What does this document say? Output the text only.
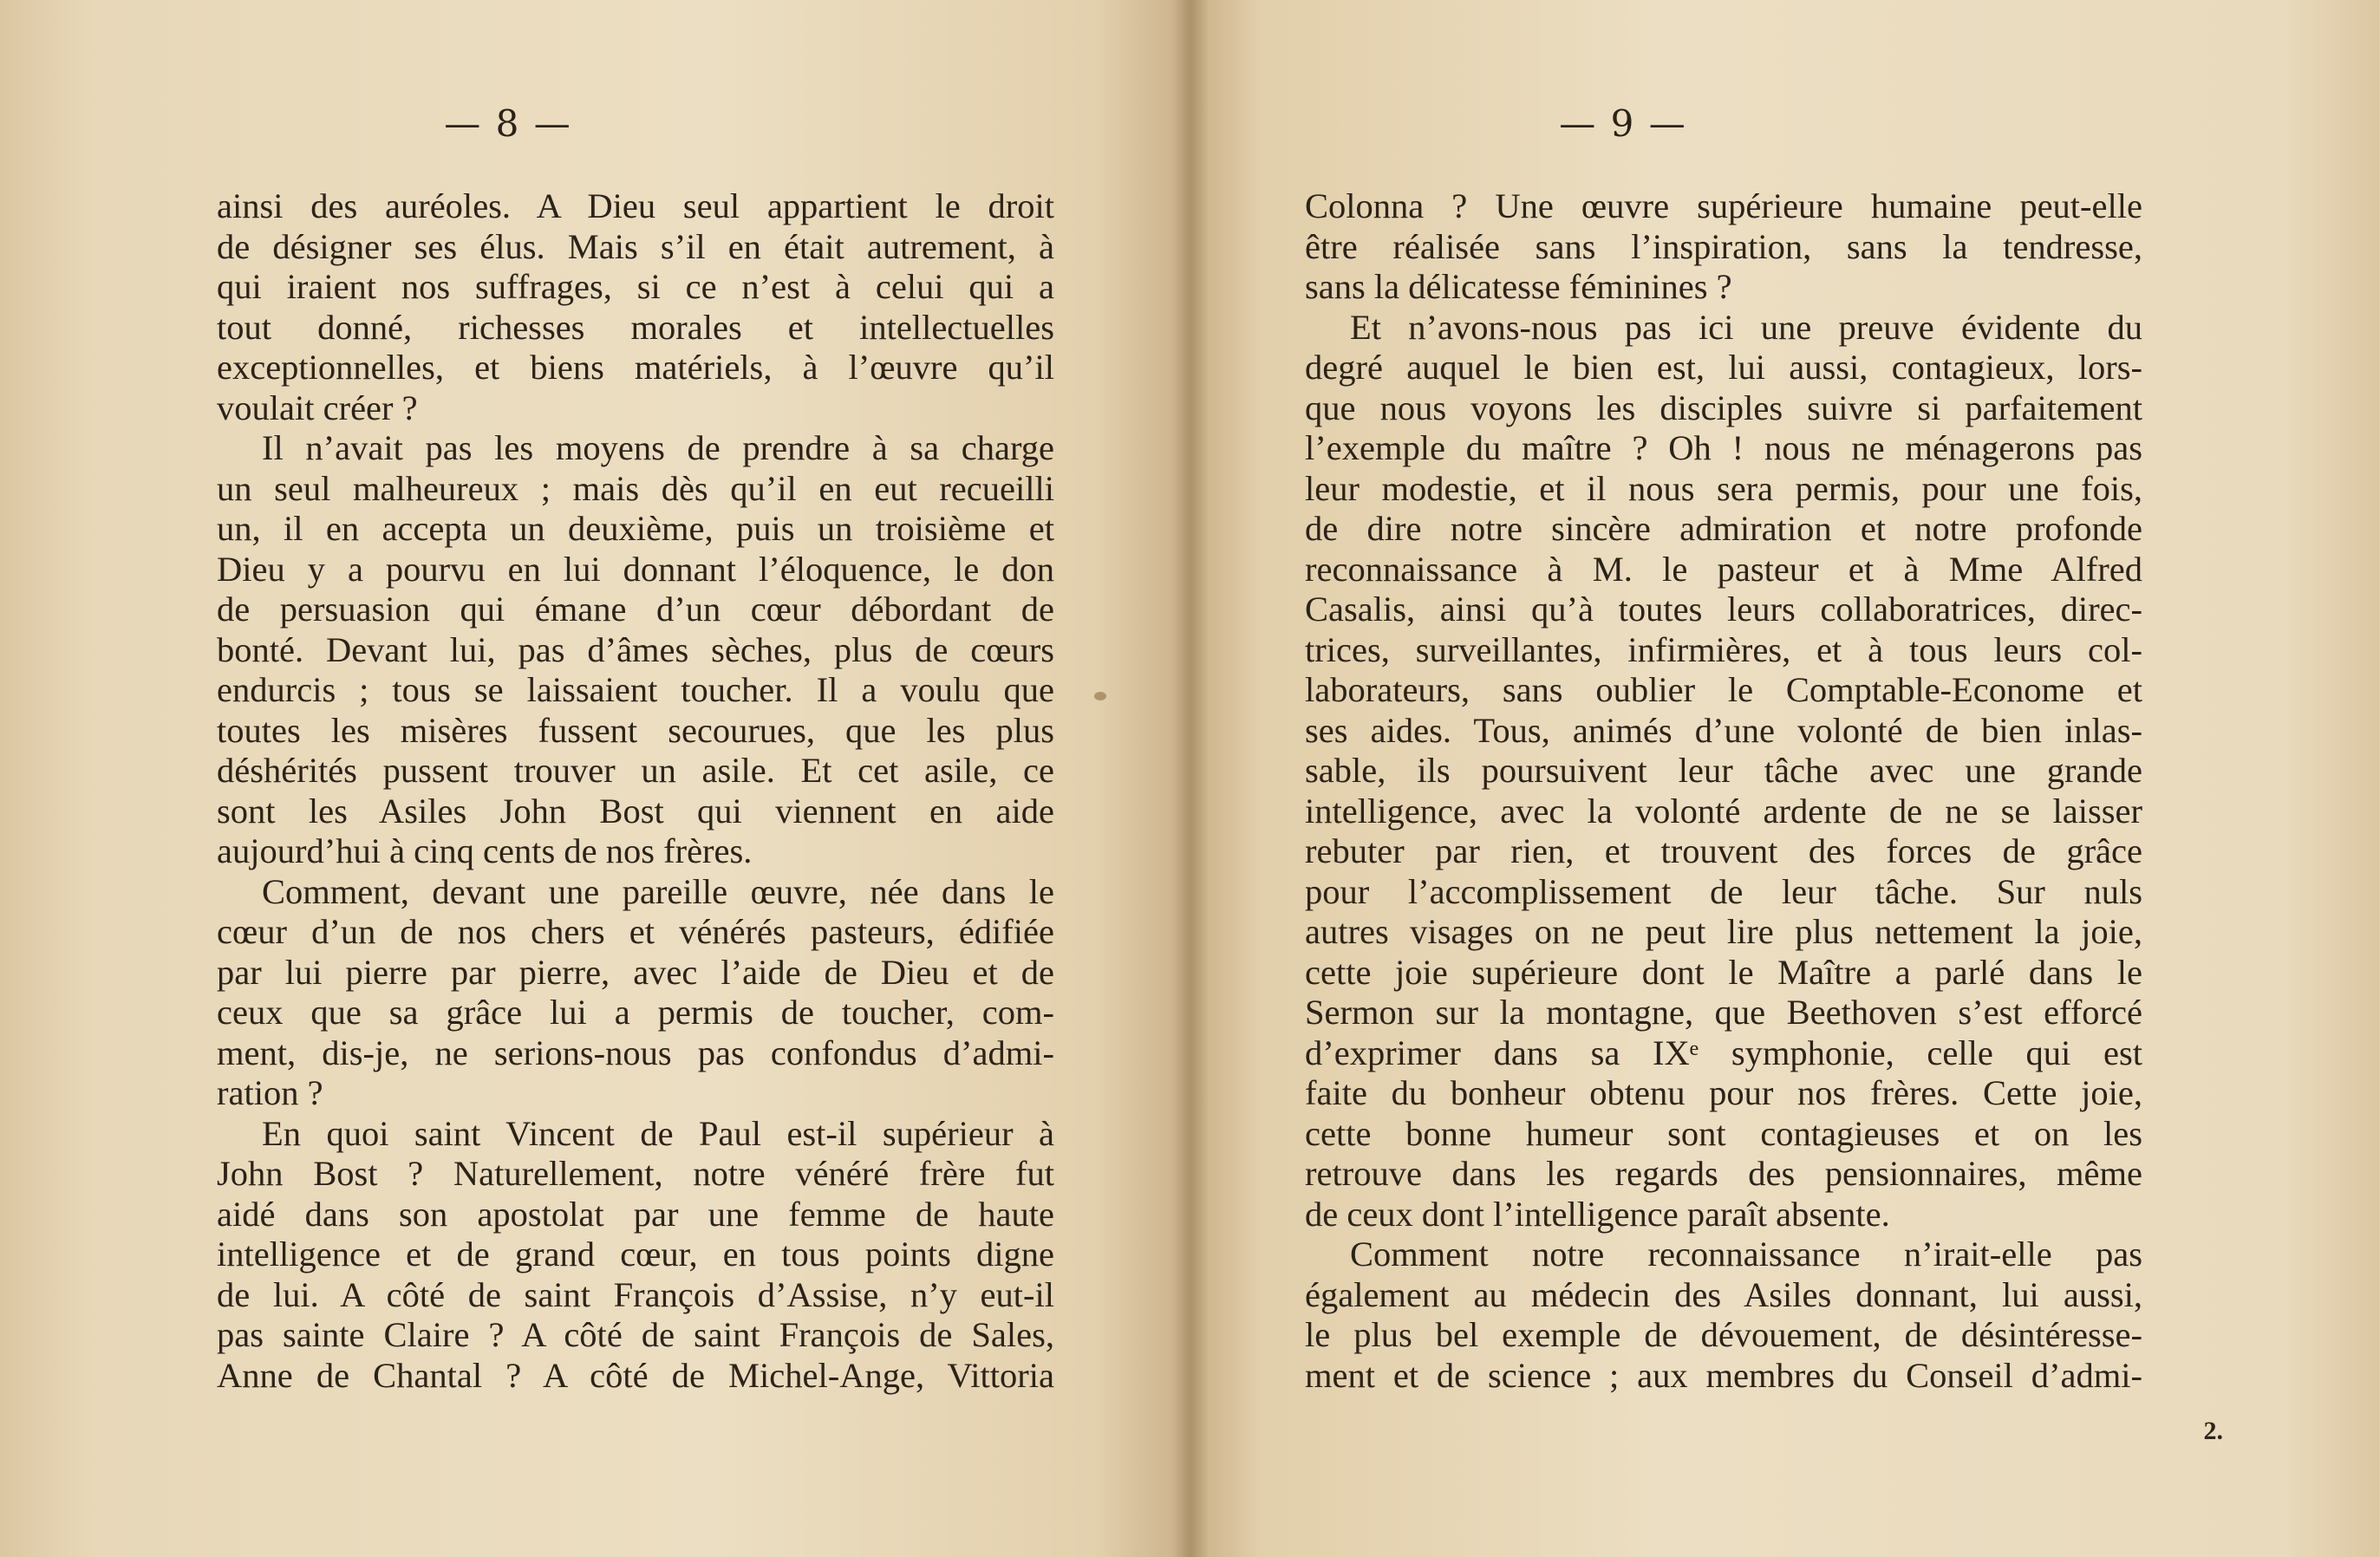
— 8 —
ainsi des auréoles. A Dieu seul appartient le droit
de désigner ses élus. Mais s’il en était autrement, à
qui iraient nos suffrages, si ce n’est à celui qui a
tout donné, richesses morales et intellectuelles
exceptionnelles, et biens matériels, à l’œuvre qu’il
voulait créer ?
Il n’avait pas les moyens de prendre à sa charge
un seul malheureux ; mais dès qu’il en eut recueilli
un, il en accepta un deuxième, puis un troisième et
Dieu y a pourvu en lui donnant l’éloquence, le don
de persuasion qui émane d’un cœur débordant de
bonté. Devant lui, pas d’âmes sèches, plus de cœurs
endurcis ; tous se laissaient toucher. Il a voulu que
toutes les misères fussent secourues, que les plus
déshérités pussent trouver un asile. Et cet asile, ce
sont les Asiles John Bost qui viennent en aide
aujourd’hui à cinq cents de nos frères.
Comment, devant une pareille œuvre, née dans le
cœur d’un de nos chers et vénérés pasteurs, édifiée
par lui pierre par pierre, avec l’aide de Dieu et de
ceux que sa grâce lui a permis de toucher, com-
ment, dis-je, ne serions-nous pas confondus d’admi-
ration ?
En quoi saint Vincent de Paul est-il supérieur à
John Bost ? Naturellement, notre vénéré frère fut
aidé dans son apostolat par une femme de haute
intelligence et de grand cœur, en tous points digne
de lui. A côté de saint François d’Assise, n’y eut-il
pas sainte Claire ? A côté de saint François de Sales,
Anne de Chantal ? A côté de Michel-Ange, Vittoria
— 9 —
Colonna ? Une œuvre supérieure humaine peut-elle
être réalisée sans l’inspiration, sans la tendresse,
sans la délicatesse féminines ?
Et n’avons-nous pas ici une preuve évidente du
degré auquel le bien est, lui aussi, contagieux, lors-
que nous voyons les disciples suivre si parfaitement
l’exemple du maître ? Oh ! nous ne ménagerons pas
leur modestie, et il nous sera permis, pour une fois,
de dire notre sincère admiration et notre profonde
reconnaissance à M. le pasteur et à Mme Alfred
Casalis, ainsi qu’à toutes leurs collaboratrices, direc-
trices, surveillantes, infirmières, et à tous leurs col-
laborateurs, sans oublier le Comptable-Econome et
ses aides. Tous, animés d’une volonté de bien inlas-
sable, ils poursuivent leur tâche avec une grande
intelligence, avec la volonté ardente de ne se laisser
rebuter par rien, et trouvent des forces de grâce
pour l’accomplissement de leur tâche. Sur nuls
autres visages on ne peut lire plus nettement la joie,
cette joie supérieure dont le Maître a parlé dans le
Sermon sur la montagne, que Beethoven s’est efforcé
d’exprimer dans sa IXᵉ symphonie, celle qui est
faite du bonheur obtenu pour nos frères. Cette joie,
cette bonne humeur sont contagieuses et on les
retrouve dans les regards des pensionnaires, même
de ceux dont l’intelligence paraît absente.
Comment notre reconnaissance n’irait-elle pas
également au médecin des Asiles donnant, lui aussi,
le plus bel exemple de dévouement, de désintéresse-
ment et de science ; aux membres du Conseil d’admi-
2.
